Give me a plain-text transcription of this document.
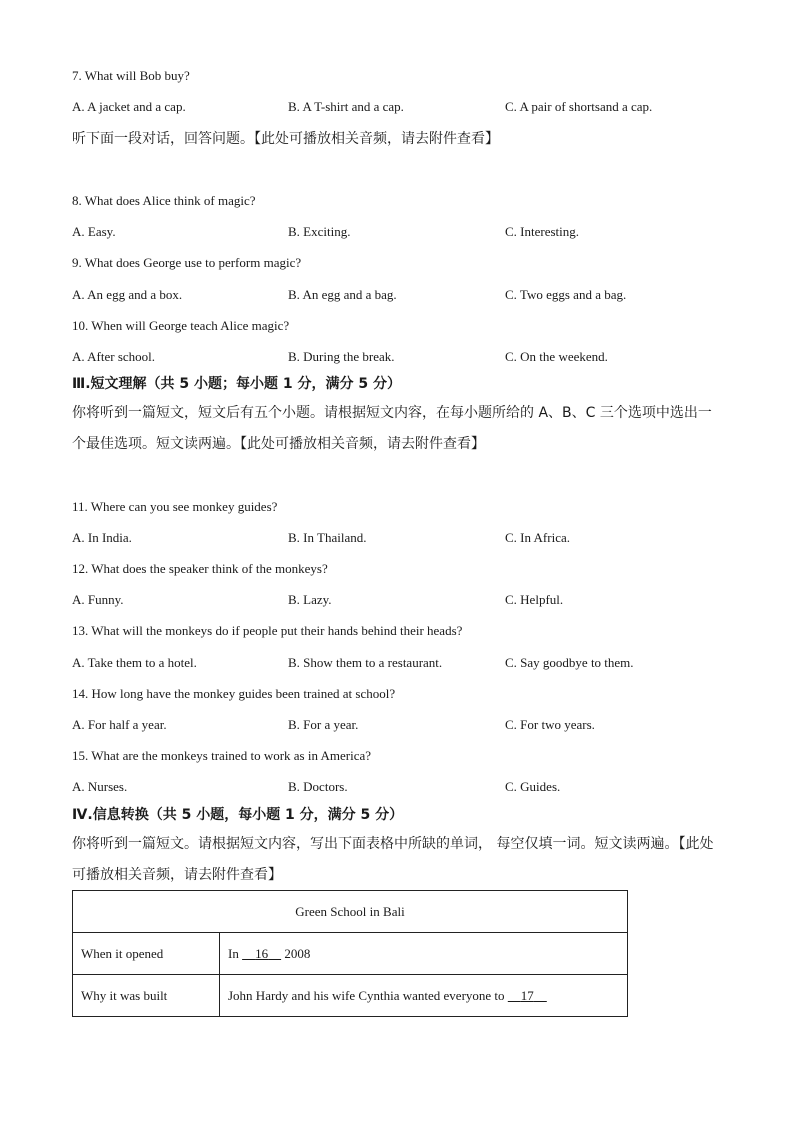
7. What will Bob buy?
A. A jacket and a cap.	B. A T-shirt and a cap.	C. A pair of shortsand a cap.
听下面一段对话，回答问题。【此处可播放相关音频，请去附件查看】
8. What does Alice think of magic?
A. Easy.	B. Exciting.	C. Interesting.
9. What does George use to perform magic?
A. An egg and a box.	B. An egg and a bag.	C. Two eggs and a bag.
10. When will George teach Alice magic?
A. After school.	B. During the break.	C. On the weekend.
Ⅲ.短文理解（共 5 小题；每小题 1 分，满分 5 分）
你将听到一篇短文，短文后有五个小题。请根据短文内容，在每小题所给的 A、B、C 三个选项中选出一
个最佳选项。短文读两遍。【此处可播放相关音频，请去附件查看】
11. Where can you see monkey guides?
A. In India.	B. In Thailand.	C. In Africa.
12. What does the speaker think of the monkeys?
A. Funny.	B. Lazy.	C. Helpful.
13. What will the monkeys do if people put their hands behind their heads?
A. Take them to a hotel.	B. Show them to a restaurant.	C. Say goodbye to them.
14. How long have the monkey guides been trained at school?
A. For half a year.	B. For a year.	C. For two years.
15. What are the monkeys trained to work as in America?
A. Nurses.	B. Doctors.	C. Guides.
Ⅳ.信息转换（共 5 小题，每小题 1 分，满分 5 分）
你将听到一篇短文。请根据短文内容，写出下面表格中所缺的单词， 每空仅填一词。短文读两遍。【此处
可播放相关音频，请去附件查看】
Green School in Bali	
When it opened	In     16     2008
Why it was built	John Hardy and his wife Cynthia wanted everyone to     17
